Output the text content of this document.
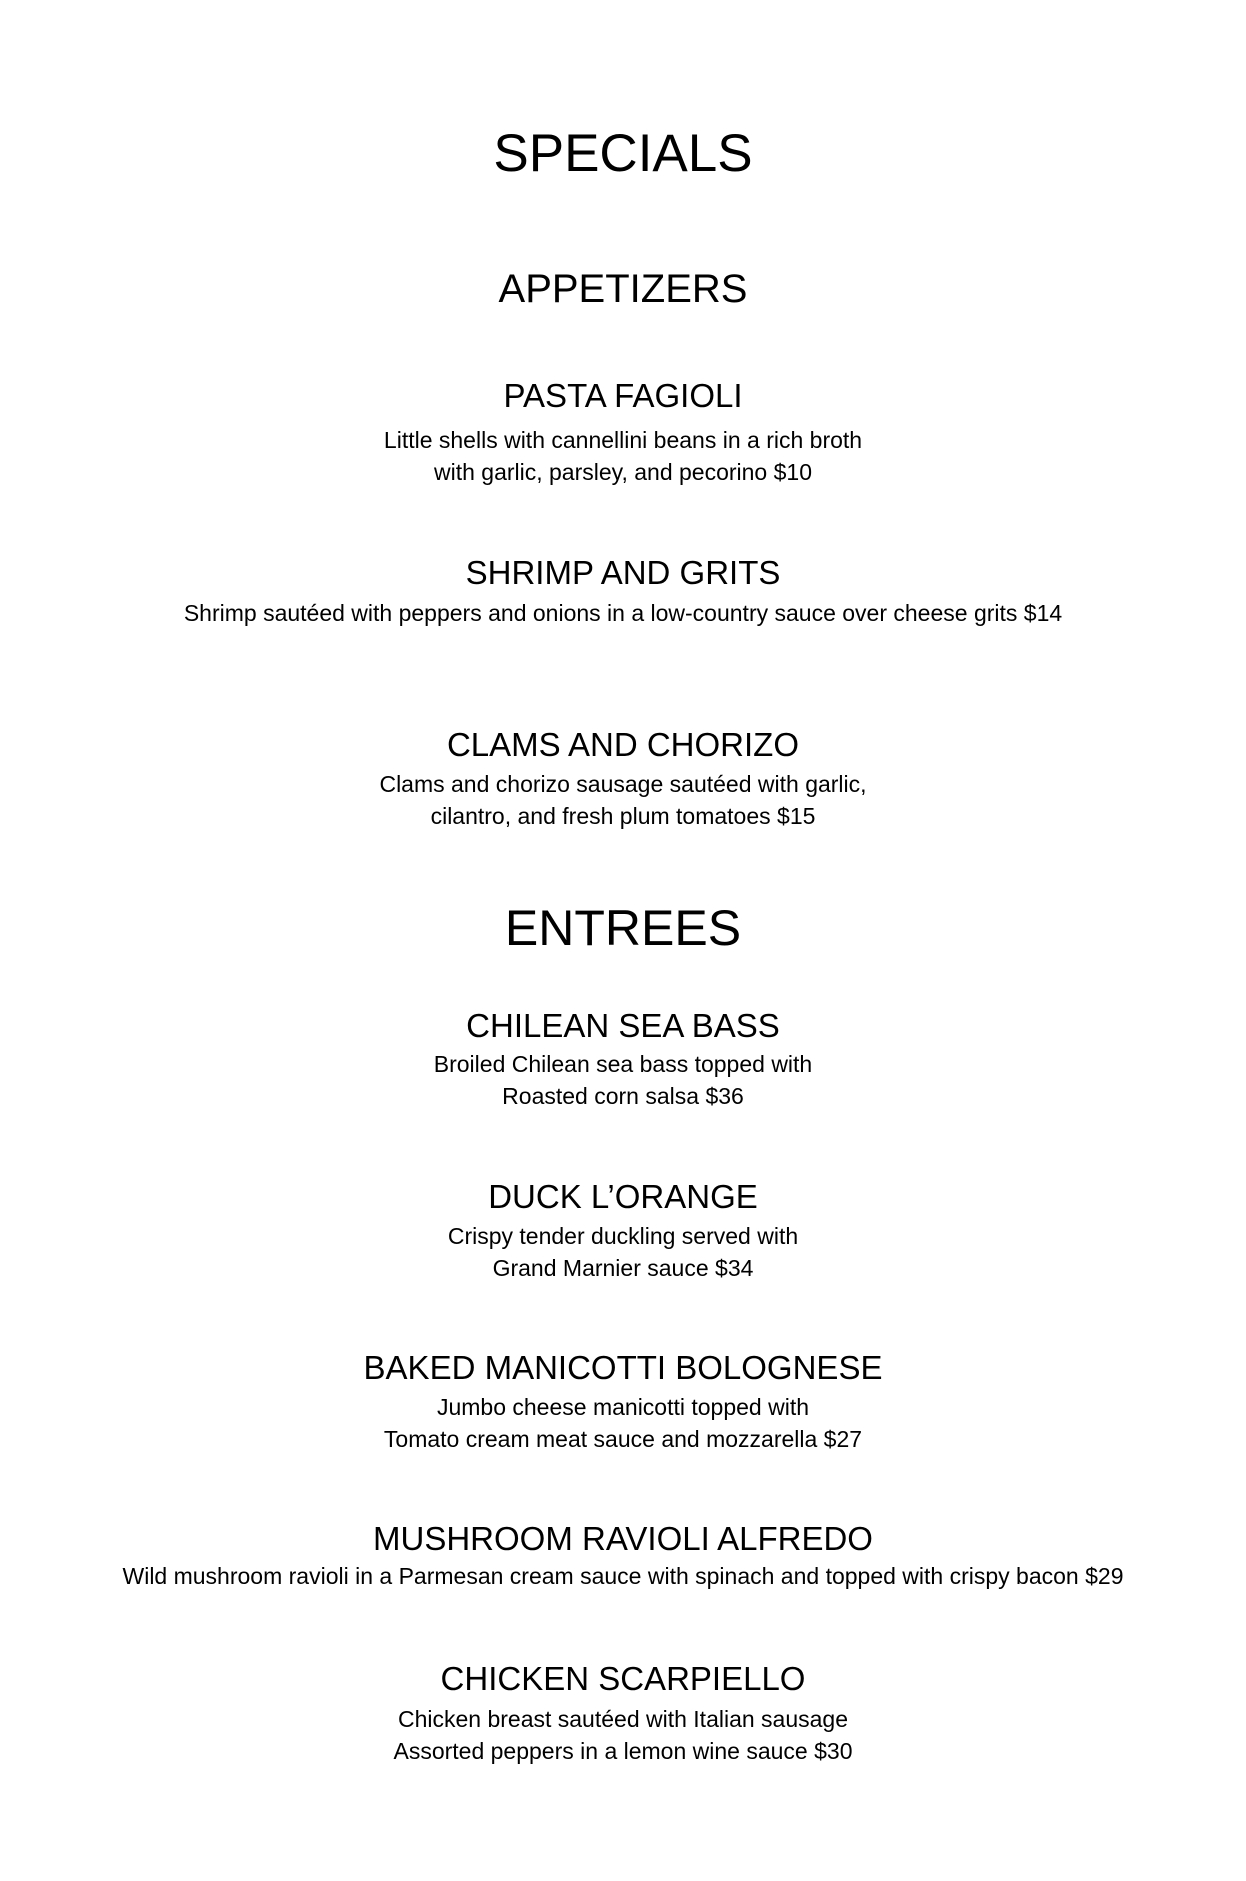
SPECIALS
APPETIZERS
PASTA FAGIOLI

Little shells with cannellini beans in a rich broth
with garlic, parsley, and pecorino $10

SHRIMP AND GRITS

Shrimp sautéed with peppers and onions in a low-country sauce over cheese grits $14

CLAMS AND CHORIZO

Clams and chorizo sausage sautéed with garlic,
cilantro, and fresh plum tomatoes $15

ENTREES
CHILEAN SEA BASS

Broiled Chilean sea bass topped with
Roasted corn salsa $36

DUCK L’ORANGE

Crispy tender duckling served with
Grand Marnier sauce $34

BAKED MANICOTTI BOLOGNESE

Jumbo cheese manicotti topped with
Tomato cream meat sauce and mozzarella $27

MUSHROOM RAVIOLI ALFREDO

Wild mushroom ravioli in a Parmesan cream sauce with spinach and topped with crispy bacon $29

CHICKEN SCARPIELLO

Chicken breast sautéed with Italian sausage
Assorted peppers in a lemon wine sauce $30
